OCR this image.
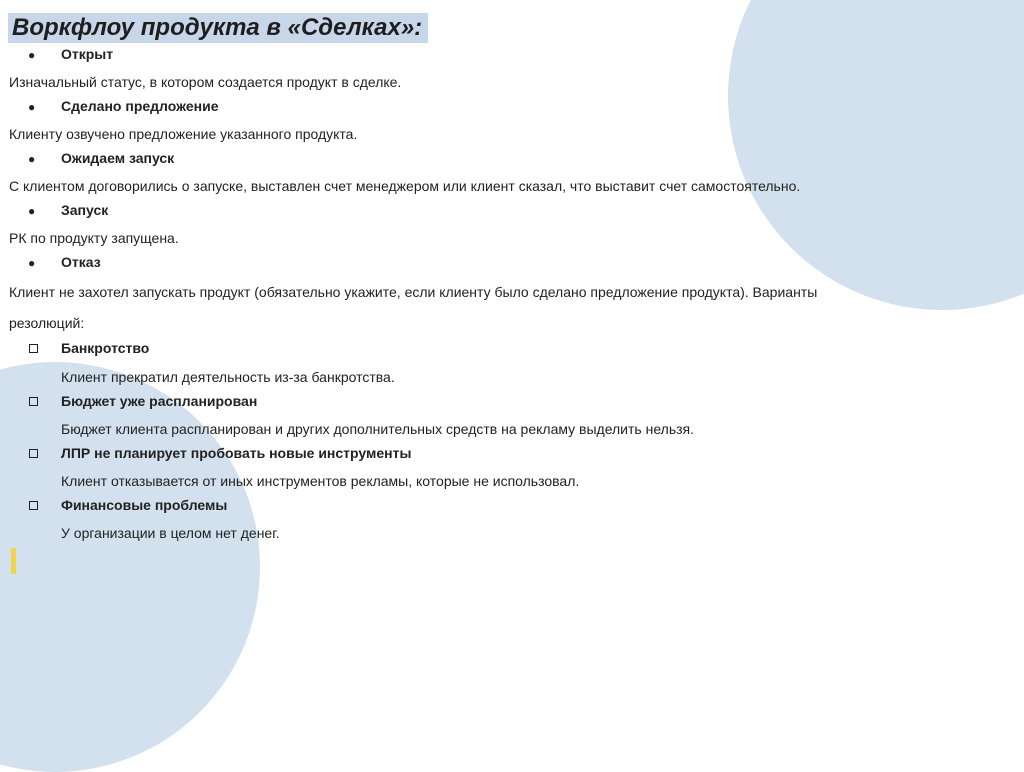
Воркфлоу продукта в «Сделках»:
● Открыт
Изначальный статус, в котором создается продукт в сделке.
● Сделано предложение
Клиенту озвучено предложение указанного продукта.
● Ожидаем запуск
С клиентом договорились о запуске, выставлен счет менеджером или клиент сказал, что выставит счет самостоятельно.
● Запуск
РК по продукту запущена.
● Отказ
Клиент не захотел запускать продукт (обязательно укажите, если клиенту было сделано предложение продукта). Варианты
резолюций:
Банкротство
Клиент прекратил деятельность из-за банкротства.
Бюджет уже распланирован
Бюджет клиента распланирован и других дополнительных средств на рекламу выделить нельзя.
ЛПР не планирует пробовать новые инструменты
Клиент отказывается от иных инструментов рекламы, которые не использовал.
Финансовые проблемы
У организации в целом нет денег.
